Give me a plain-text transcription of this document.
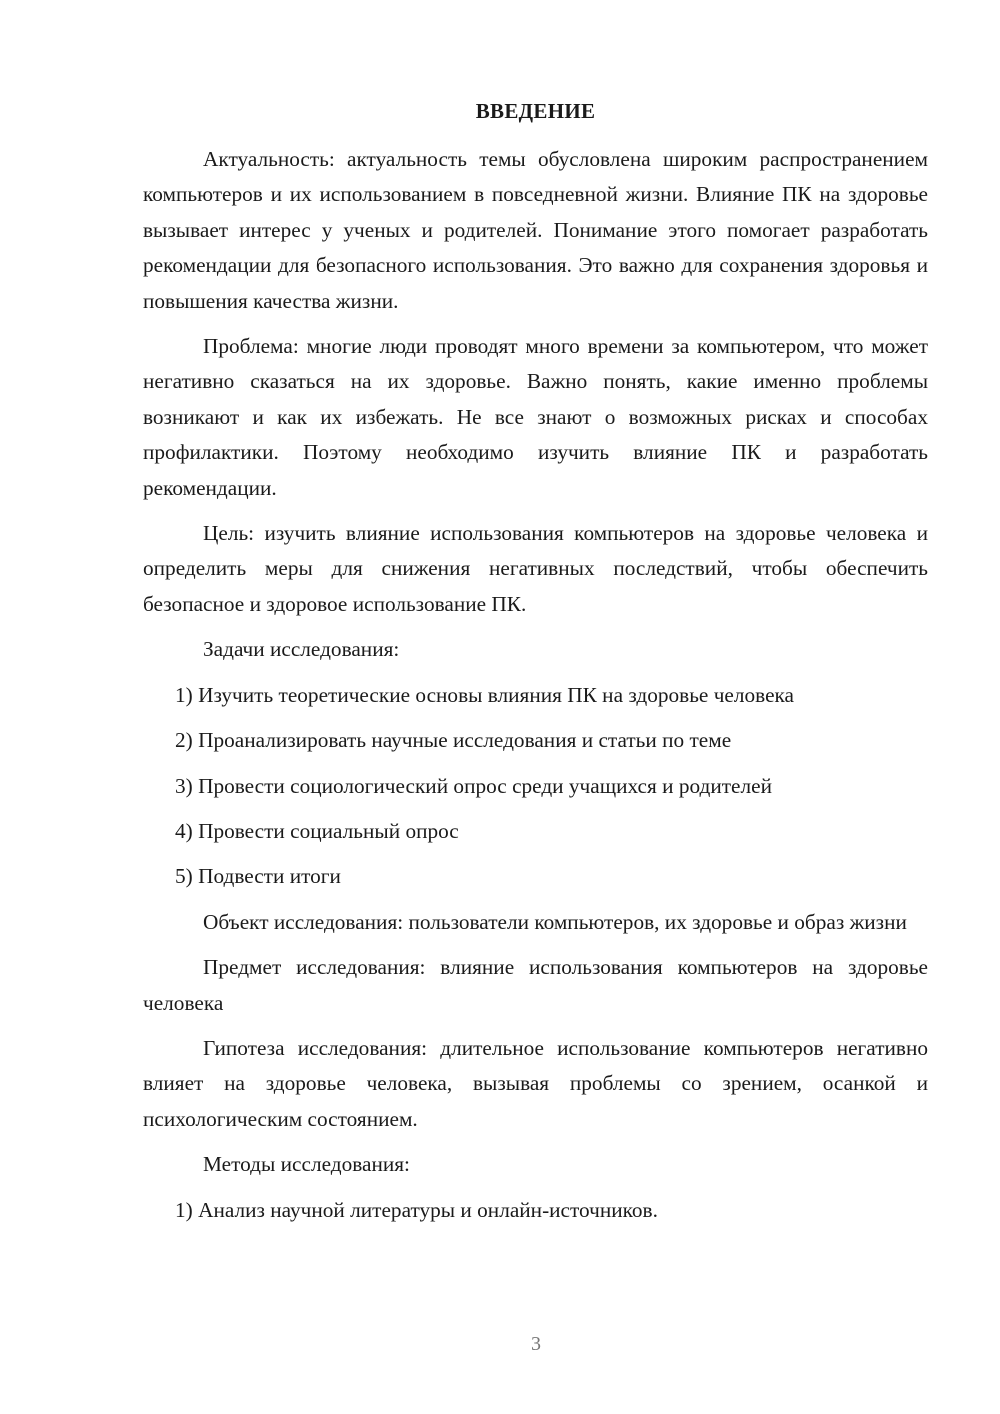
ВВЕДЕНИЕ

Актуальность: актуальность темы обусловлена широким распространением компьютеров и их использованием в повседневной жизни. Влияние ПК на здоровье вызывает интерес у ученых и родителей. Понимание этого помогает разработать рекомендации для безопасного использования. Это важно для сохранения здоровья и повышения качества жизни.

Проблема: многие люди проводят много времени за компьютером, что может негативно сказаться на их здоровье. Важно понять, какие именно проблемы возникают и как их избежать. Не все знают о возможных рисках и способах профилактики. Поэтому необходимо изучить влияние ПК и разработать рекомендации.

Цель: изучить влияние использования компьютеров на здоровье человека и определить меры для снижения негативных последствий, чтобы обеспечить безопасное и здоровое использование ПК.

Задачи исследования:

1) Изучить теоретические основы влияния ПК на здоровье человека

2) Проанализировать научные исследования и статьи по теме

3) Провести социологический опрос среди учащихся и родителей

4) Провести социальный опрос

5) Подвести итоги

Объект исследования: пользователи компьютеров, их здоровье и образ жизни

Предмет исследования: влияние использования компьютеров на здоровье человека

Гипотеза исследования: длительное использование компьютеров негативно влияет на здоровье человека, вызывая проблемы со зрением, осанкой и психологическим состоянием.

Методы исследования:

1) Анализ научной литературы и онлайн-источников.

3
